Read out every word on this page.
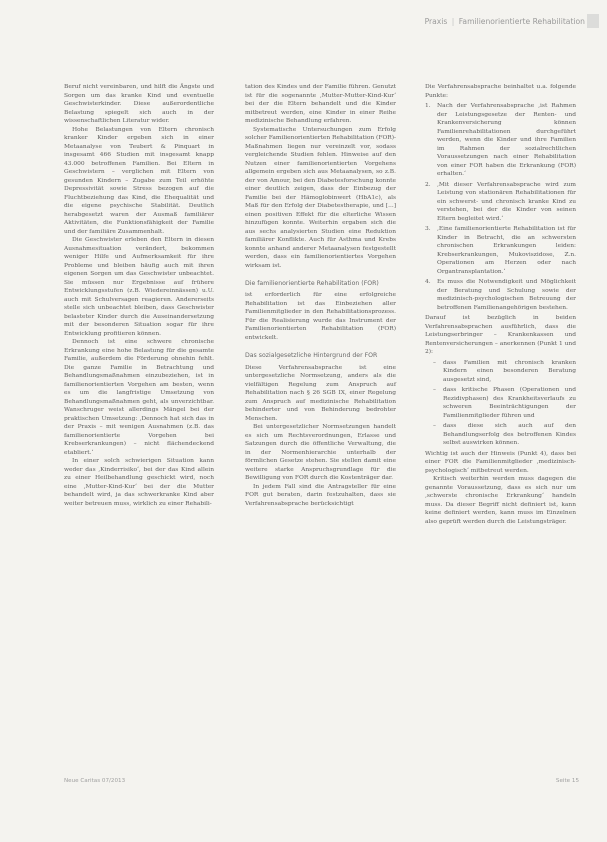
Praxis | Familienorientierte Rehabilitation

Beruf nicht vereinbaren, und hilft die Ängste und Sorgen um das kranke Kind und eventuelle Geschwisterkinder. Diese außerordentliche Belastung spiegelt sich auch in der wissenschaftlichen Literatur wider.

Hohe Belastungen von Eltern chronisch kranker Kinder ergeben sich in einer Metaanalyse von Teubert & Pinquart in insgesamt 466 Studien mit insgesamt knapp 43.000 betroffenen Familien. Bei Eltern in Geschwistern – verglichen mit Eltern von gesunden Kindern – Zugabe zum Teil erhöhte Depressivität sowie Stress bezogen auf die Fluchtbeziehung das Kind, die Ehequalität und die eigene psychische Stabilität. Deutlich herabgesetzt waren der Ausmaß familiärer Aktivitäten, die Funktionsfähigkeit der Familie und der familiäre Zusammenhalt.

Die Geschwister erleben den Eltern in diesen Ausnahmesituation verändert, bekommen weniger Hilfe und Aufmerksamkeit für ihre Probleme und bleiben häufig auch mit ihren eigenen Sorgen um das Geschwister unbeachtet. Sie müssen nur Ergebnisse auf frühere Entwicklungsstufen (z.B. Wiedereinnässen) u.U. auch mit Schulversagen reagieren. Andererseits stelle sich unbeachtet bleiben, dass Geschwister belasteter Kinder durch die Auseinandersetzung mit der besonderen Situation sogar für ihre Entwicklung profitieren können.

Dennoch ist eine schwere chronische Erkrankung eine hohe Belastung für die gesamte Familie, außerdem die Förderung ohnehin fehlt. Die ganze Familie in Betrachtung und Behandlungsmaßnahmen einzubeziehen, ist in familienorientierten Vorgehen am besten, wenn es um die langfristige Umsetzung von Behandlungsmaßnahmen geht, als unverzichtbar. Wanschruger weist allerdings Mängel bei der praktischen Umsetzung: ‚Dennoch hat sich das in der Praxis – mit wenigen Ausnahmen (z.B. das familienorientierte Vorgehen bei Krebserkrankungen) – nicht flächendeckend etabliert.‘

In einer solch schwierigen Situation kann weder das ‚Kinderrisiko‘, bei der das Kind allein zu einer Heilbehandlung geschickt wird, noch eine ‚Mutter-Kind-Kur‘ bei der die Mutter behandelt wird, ja das schwerkranke Kind aber weiter betreuen muss, wirklich zu einer Rehabili-

tation des Kindes und der Familie führen. Genutzt ist für die sogenannte ‚Mutter-Mutter-Kind-Kur‘ bei der die Eltern behandelt und die Kinder mitbetreut werden, eine Kinder in einer Reihe medizinische Behandlung erfahren.

Systematische Untersuchungen zum Erfolg solcher Familienorientierten Rehabilitation (FOR)-Maßnahmen liegen nur vereinzelt vor, sodass vergleichende Studien fehlen. Hinweise auf den Nutzen einer familienorientierten Vorgehens allgemein ergeben sich aus Metaanalysen, so z.B. der von Amour, bei den Diabetesforschung konnte einer deutlich zeigen, dass der Einbezug der Familie bei der Hämoglobinwert (HbA1c), als Maß für den Erfolg der Diabetestherapie, und [...] einen positiven Effekt für die elterliche Wissen hinzufügen konnte. Weiterhin ergaben sich die aus sechs analysierten Studien eine Reduktion familiärer Konflikte. Auch für Asthma und Krebs konnte anhand anderer Metaanalysen festgestellt werden, dass ein familienorientiertes Vorgehen wirksam ist.

Die familienorientierte Rehabilitation (FOR)

ist erforderlich für eine erfolgreiche Rehabilitation ist das Einbeziehen aller Familienmitglieder in den Rehabilitationsprozess. Für die Realisierung wurde das Instrument der Familienorientierten Rehabilitation (FOR) entwickelt.

Das sozialgesetzliche Hintergrund der FOR

Diese Verfahrensabsprache ist eine untergesetzliche Normsetzung, anders als die vielfältigen Regelung zum Anspruch auf Rehabilitation nach § 26 SGB IX, einer Regelung zum Anspruch auf medizinische Rehabilitation behinderter und von Behinderung bedrohter Menschen.

Bei untergesetzlicher Normsetzungen handelt es sich um Rechtsverordnungen, Erlasse und Satzungen durch die öffentliche Verwaltung, die in der Normenhierarchie unterhalb der förmlichen Gesetze stehen. Sie stellen damit eine weitere starke Anspruchsgrundlage für die Bewilligung von FOR durch die Kostenträger dar.

In jedem Fall sind die Antragsteller für eine FOR gut beraten, darin festzuhalten, dass sie Verfahrensabsprache berücksichtigt

Die Verfahrensabsprache beinhaltet u.a. folgende Punkte:

1. Nach der Verfahrensabsprache ‚ist Rahmen der Leistungsgesetze der Renten- und Krankenversicherung können Familienrehabilitationen durchgeführt werden, wenn die Kinder und ihre Familien im Rahmen der sozialrechtlichen Voraussetzungen nach einer Rehabilitation von einer FOR haben die Erkrankung (FOR) erhalten.‘
2. ‚Mit dieser Verfahrensabsprache wird zum Leistung von stationären Rehabilitationen für ein schwerst- und chronisch kranke Kind zu verstehen, bei der die Kinder von seinen Eltern begleitet wird.‘
3. ‚Eine familienorientierte Rehabilitation ist für Kinder in Betracht, die an schwersten chronischen Erkrankungen leiden: Krebserkrankungen, Mukoviszidose, Z.n. Operationen am Herzen oder nach Organtransplantation.‘
4. Es muss die Notwendigkeit und Möglichkeit der Beratung und Schulung sowie der medizinisch-psychologischen Betreuung der betroffenen Familienangehörigen bestehen.

Darauf ist bezüglich in beiden Verfahrensabsprachen ausführlich, dass die Leistungserbringer – Krankenkassen und Rentenversicherungen – anerkennen (Punkt 1 und 2):

– dass Familien mit chronisch kranken Kindern einen besonderen Beratung ausgesetzt sind,
– dass kritische Phasen (Operationen und Rezidivphasen) des Krankheitsverlaufs zu schweren Beeinträchtigungen der Familienmitglieder führen und
– dass diese sich auch auf den Behandlungserfolg des betroffenen Kindes selbst auswirken können.

Wichtig ist auch der Hinweis (Punkt 4), dass bei einer FOR die Familienmitglieder ‚medizinisch-psychologisch‘ mitbetreut werden.

Kritisch weiterhin werden muss dagegen die genannte Voraussetzung, dass es sich nur um ‚schwerste chronische Erkrankung‘ handeln muss. Da dieser Begriff nicht definiert ist, kann keine definiert werden, kann muss im Einzelnen also geprüft werden durch die Leistungsträger.

Neue Caritas 07/2013	Seite 15
